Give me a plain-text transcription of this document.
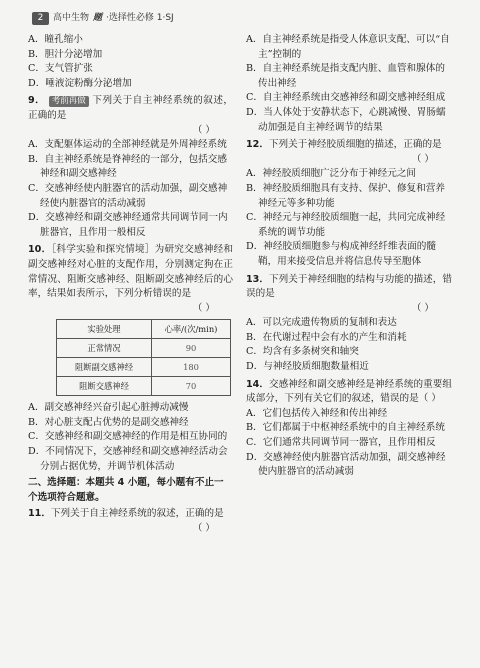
2	高中生物 题 ·选择性必修 1·SJ

A．瞳孔缩小

B．胆汁分泌增加

C．支气管扩张

D．唾液淀粉酶分泌增加

9． 考前再做 下列关于自主神经系统的叙述，正确的是

（ ）

A．支配躯体运动的全部神经就是外周神经系统

B．自主神经系统是脊神经的一部分，包括交感神经和副交感神经

C．交感神经使内脏器官的活动加强，副交感神经使内脏器官的活动减弱

D．交感神经和副交感神经通常共同调节同一内脏器官，且作用一般相反

10．［科学实验和探究情境］为研究交感神经和副交感神经对心脏的支配作用，分别测定狗在正常情况、阻断交感神经、阻断副交感神经后的心率，结果如表所示，下列分析错误的是

（ ）

实验处理	心率/(次/min)
正常情况	90
阻断副交感神经	180
阻断交感神经	70

A．副交感神经兴奋引起心脏搏动减慢

B．对心脏支配占优势的是副交感神经

C．交感神经和副交感神经的作用是相互协同的

D．不同情况下，交感神经和副交感神经活动会分别占据优势，并调节机体活动

二、选择题：本题共 4 小题，每小题有不止一个选项符合题意。

11．下列关于自主神经系统的叙述，正确的是

（ ）

A．自主神经系统是指受人体意识支配、可以“自主”控制的

B．自主神经系统是指支配内脏、血管和腺体的传出神经

C．自主神经系统由交感神经和副交感神经组成

D．当人体处于安静状态下，心跳减慢、胃肠蠕动加强是自主神经调节的结果

12．下列关于神经胶质细胞的描述，正确的是

（ ）

A．神经胶质细胞广泛分布于神经元之间

B．神经胶质细胞具有支持、保护、修复和营养神经元等多种功能

C．神经元与神经胶质细胞一起，共同完成神经系统的调节功能

D．神经胶质细胞参与构成神经纤维表面的髓鞘，用来接受信息并将信息传导至胞体

13．下列关于神经细胞的结构与功能的描述，错误的是

（ ）

A．可以完成遗传物质的复制和表达

B．在代谢过程中会有水的产生和消耗

C．均含有多条树突和轴突

D．与神经胶质细胞数量相近

14．交感神经和副交感神经是神经系统的重要组成部分，下列有关它们的叙述，错误的是（ ）

A．它们包括传入神经和传出神经

B．它们都属于中枢神经系统中的自主神经系统

C．它们通常共同调节同一器官，且作用相反

D．交感神经使内脏器官活动加强，副交感神经使内脏器官的活动减弱
